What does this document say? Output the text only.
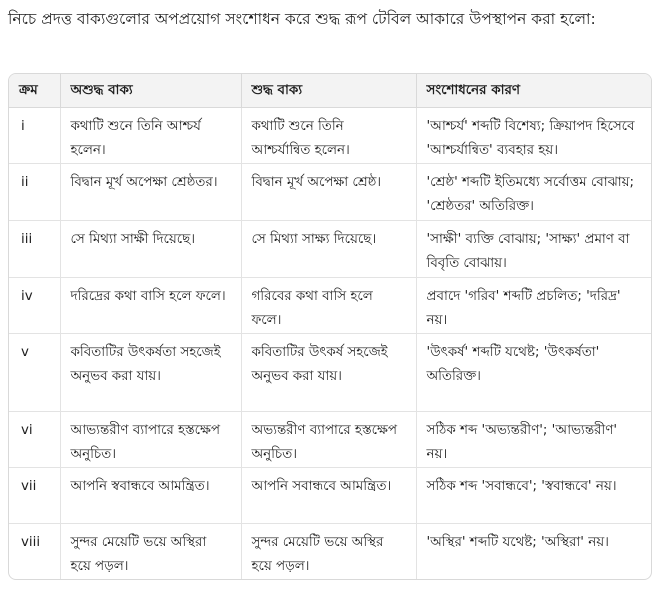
নিচে প্রদত্ত বাক্যগুলোর অপপ্রয়োগ সংশোধন করে শুদ্ধ রূপ টেবিল আকারে উপস্থাপন করা হলো:
ক্রম	অশুদ্ধ বাক্য	শুদ্ধ বাক্য	সংশোধনের কারণ
i	কথাটি শুনে তিনি আশ্চর্য হলেন।	কথাটি শুনে তিনি আশ্চর্যান্বিত হলেন।	'আশ্চর্য' শব্দটি বিশেষ্য; ক্রিয়াপদ হিসেবে 'আশ্চর্যান্বিত' ব্যবহার হয়।
ii	বিদ্বান মূর্খ অপেক্ষা শ্রেষ্ঠতর।	বিদ্বান মূর্খ অপেক্ষা শ্রেষ্ঠ।	'শ্রেষ্ঠ' শব্দটি ইতিমধ্যে সর্বোত্তম বোঝায়; 'শ্রেষ্ঠতর' অতিরিক্ত।
iii	সে মিথ্যা সাক্ষী দিয়েছে।	সে মিথ্যা সাক্ষ্য দিয়েছে।	'সাক্ষী' ব্যক্তি বোঝায়; 'সাক্ষ্য' প্রমাণ বা বিবৃতি বোঝায়।
iv	দরিদ্রের কথা বাসি হলে ফলে।	গরিবের কথা বাসি হলে ফলে।	প্রবাদে 'গরিব' শব্দটি প্রচলিত; 'দরিদ্র' নয়।
v	কবিতাটির উৎকর্ষতা সহজেই অনুভব করা যায়।	কবিতাটির উৎকর্ষ সহজেই অনুভব করা যায়।	'উৎকর্ষ' শব্দটি যথেষ্ট; 'উৎকর্ষতা' অতিরিক্ত।
vi	আভ্যন্তরীণ ব্যাপারে হস্তক্ষেপ অনুচিত।	অভ্যন্তরীণ ব্যাপারে হস্তক্ষেপ অনুচিত।	সঠিক শব্দ 'অভ্যন্তরীণ'; 'আভ্যন্তরীণ' নয়।
vii	আপনি স্ববান্ধবে আমন্ত্রিত।	আপনি সবান্ধবে আমন্ত্রিত।	সঠিক শব্দ 'সবান্ধবে'; 'স্ববান্ধবে' নয়।
viii	সুন্দর মেয়েটি ভয়ে অস্থিরা হয়ে পড়ল।	সুন্দর মেয়েটি ভয়ে অস্থির হয়ে পড়ল।	'অস্থির' শব্দটি যথেষ্ট; 'অস্থিরা' নয়।
